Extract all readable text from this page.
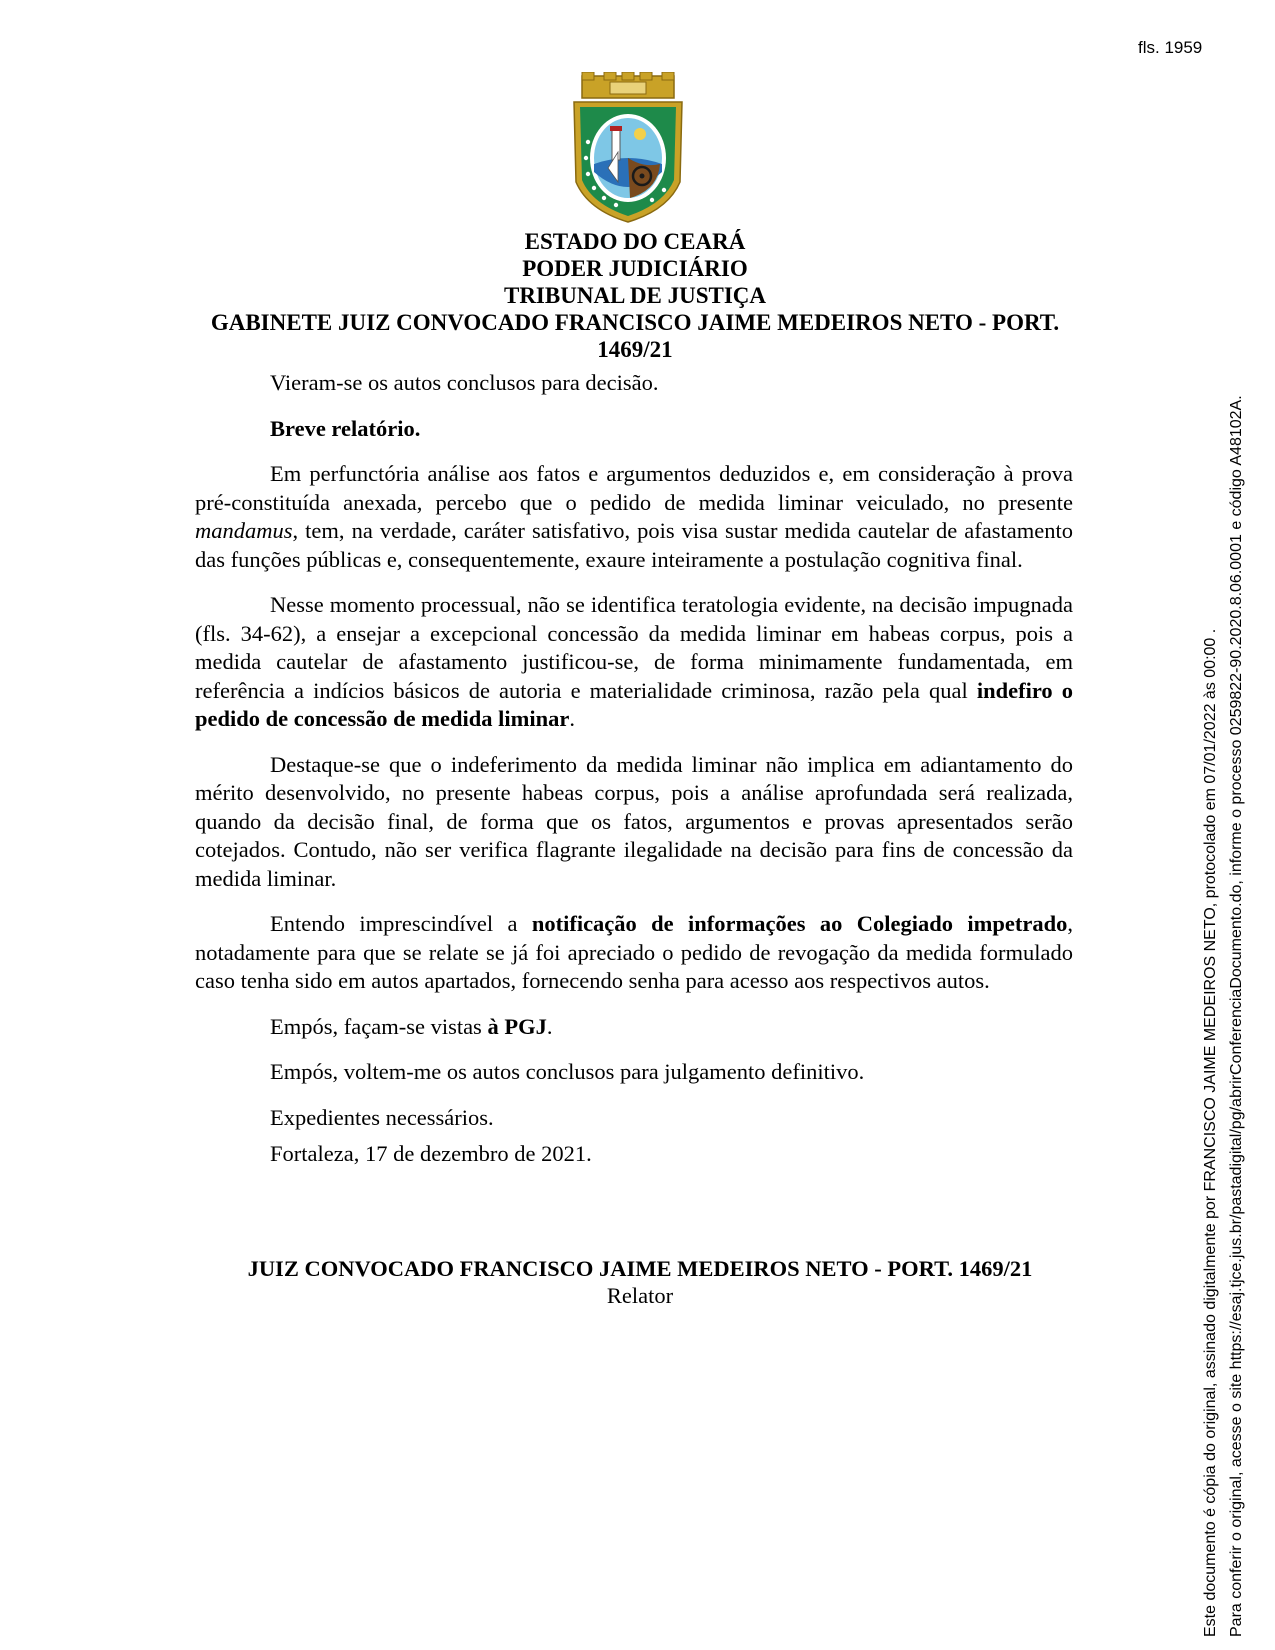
fls. 1959
ESTADO DO CEARÁ
PODER JUDICIÁRIO
TRIBUNAL DE JUSTIÇA
GABINETE JUIZ CONVOCADO FRANCISCO JAIME MEDEIROS NETO - PORT.
1469/21

Vieram-se os autos conclusos para decisão.

Breve relatório.

Em perfunctória análise aos fatos e argumentos deduzidos e, em consideração à prova pré-constituída anexada, percebo que o pedido de medida liminar veiculado, no presente mandamus, tem, na verdade, caráter satisfativo, pois visa sustar medida cautelar de afastamento das funções públicas e, consequentemente, exaure inteiramente a postulação cognitiva final.

Nesse momento processual, não se identifica teratologia evidente, na decisão impugnada (fls. 34-62), a ensejar a excepcional concessão da medida liminar em habeas corpus, pois a medida cautelar de afastamento justificou-se, de forma minimamente fundamentada, em referência a indícios básicos de autoria e materialidade criminosa, razão pela qual indefiro o pedido de concessão de medida liminar.

Destaque-se que o indeferimento da medida liminar não implica em adiantamento do mérito desenvolvido, no presente habeas corpus, pois a análise aprofundada será realizada, quando da decisão final, de forma que os fatos, argumentos e provas apresentados serão cotejados. Contudo, não ser verifica flagrante ilegalidade na decisão para fins de concessão da medida liminar.

Entendo imprescindível a notificação de informações ao Colegiado impetrado, notadamente para que se relate se já foi apreciado o pedido de revogação da medida formulado caso tenha sido em autos apartados, fornecendo senha para acesso aos respectivos autos.

Empós, façam-se vistas à PGJ.

Empós, voltem-me os autos conclusos para julgamento definitivo.

Expedientes necessários.

Fortaleza, 17 de dezembro de 2021.

JUIZ CONVOCADO FRANCISCO JAIME MEDEIROS NETO - PORT. 1469/21
Relator	Este documento é cópia do original, assinado digitalmente por FRANCISCO JAIME MEDEIROS NETO, protocolado em 07/01/2022 às 00:00 . Para conferir o original, acesse o site https://esaj.tjce.jus.br/pastadigital/pg/abrirConferenciaDocumento.do, informe o processo 0259822-90.2020.8.06.0001 e código A48102A.
